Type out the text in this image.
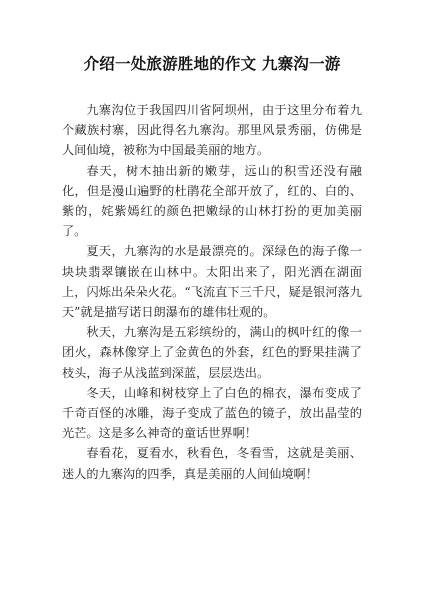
介绍一处旅游胜地的作文 九寨沟一游

九寨沟位于我国四川省阿坝州，由于这里分布着九个藏族村寨，因此得名九寨沟。那里风景秀丽，仿佛是人间仙境，被称为中国最美丽的地方。

春天，树木抽出新的嫩芽，远山的积雪还没有融化，但是漫山遍野的杜鹃花全部开放了，红的、白的、紫的，姹紫嫣红的颜色把嫩绿的山林打扮的更加美丽了。

夏天，九寨沟的水是最漂亮的。深绿色的海子像一块块翡翠镶嵌在山林中。太阳出来了，阳光洒在湖面上，闪烁出朵朵火花。“飞流直下三千尺，疑是银河落九天”就是描写诺日朗瀑布的雄伟壮观的。

秋天，九寨沟是五彩缤纷的，满山的枫叶红的像一团火，森林像穿上了金黄色的外套，红色的野果挂满了枝头，海子从浅蓝到深蓝，层层迭出。

冬天，山峰和树枝穿上了白色的棉衣，瀑布变成了千奇百怪的冰雕，海子变成了蓝色的镜子，放出晶莹的光芒。这是多么神奇的童话世界啊！

春看花，夏看水，秋看色，冬看雪，这就是美丽、迷人的九寨沟的四季，真是美丽的人间仙境啊！
